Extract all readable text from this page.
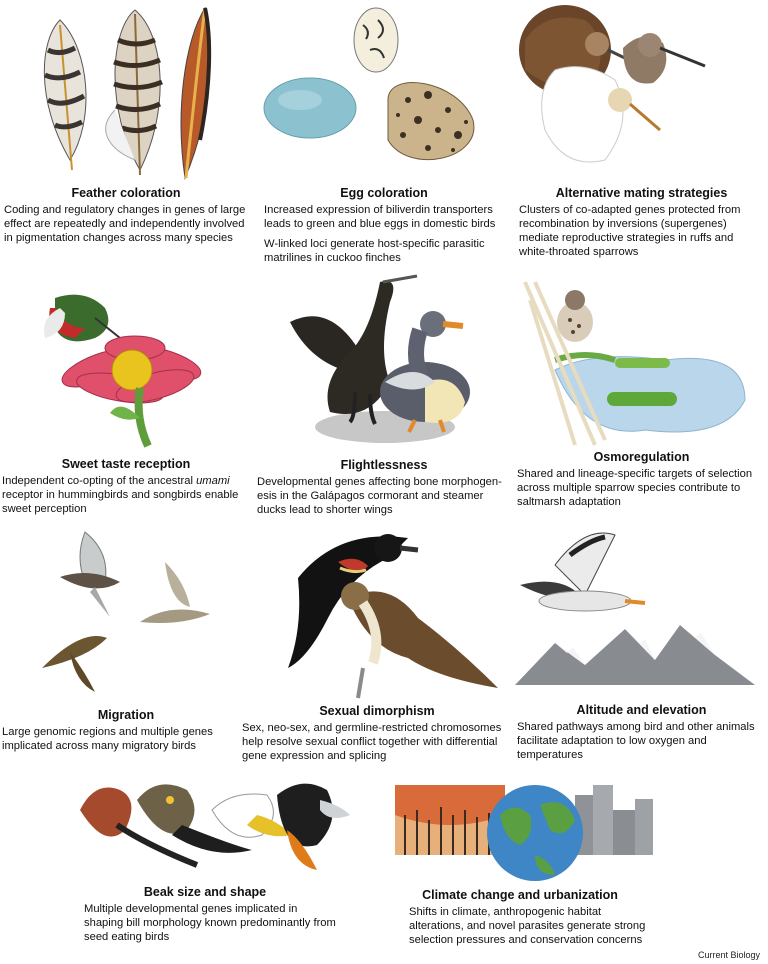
Feather coloration

Coding and regulatory changes in genes of large effect are repeatedly and independently involved in pigmentation changes across many species

Egg coloration

Increased expression of biliverdin transporters leads to green and blue eggs in domestic birds

W-linked loci generate host-specific parasitic matrilines in cuckoo finches

Alternative mating strategies

Clusters of co-adapted genes protected from recombination by inversions (supergenes) mediate reproductive strategies in ruffs and white-throated sparrows

Sweet taste reception

Independent co-opting of the ancestral umami receptor in hummingbirds and songbirds enable sweet perception

Flightlessness

Developmental genes affecting bone morphogen- esis in the Galápagos cormorant and steamer ducks lead to shorter wings

Osmoregulation

Shared and lineage-specific targets of selection across multiple sparrow species contribute to saltmarsh adaptation

Migration

Large genomic regions and multiple genes implicated across many migratory birds

Sexual dimorphism

Sex, neo-sex, and germline-restricted chromosomes help resolve sexual conflict together with differential gene expression and splicing

Altitude and elevation

Shared pathways among bird and other animals facilitate adaptation to low oxygen and temperatures

Beak size and shape

Multiple developmental genes implicated in shaping bill morphology known predominantly from seed eating birds

Climate change and urbanization

Shifts in climate, anthropogenic habitat alterations, and novel parasites generate strong selection pressures and conservation concerns

Current Biology
